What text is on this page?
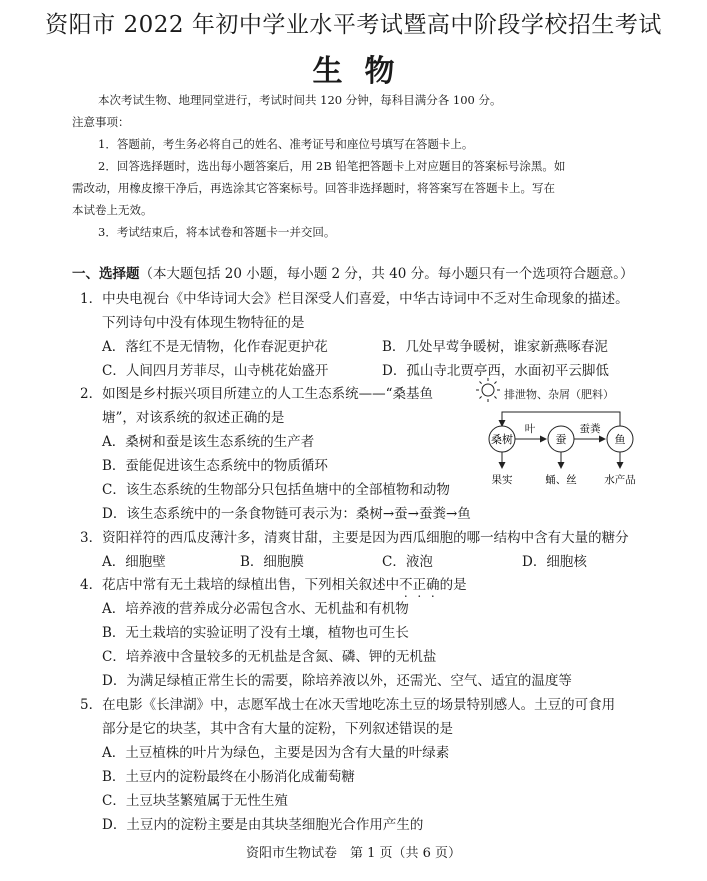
资阳市 2022 年初中学业水平考试暨高中阶段学校招生考试
生物
本次考试生物、地理同堂进行，考试时间共 120 分钟，每科目满分各 100 分。
注意事项：
1．答题前，考生务必将自己的姓名、准考证号和座位号填写在答题卡上。
2．回答选择题时，选出每小题答案后，用 2B 铅笔把答题卡上对应题目的答案标号涂黑。如
需改动，用橡皮擦干净后，再选涂其它答案标号。回答非选择题时，将答案写在答题卡上。写在
本试卷上无效。
3．考试结束后，将本试卷和答题卡一并交回。
一、选择题（本大题包括 20 小题，每小题 2 分，共 40 分。每小题只有一个选项符合题意。）
1．中央电视台《中华诗词大会》栏目深受人们喜爱，中华古诗词中不乏对生命现象的描述。
下列诗句中没有体现生物特征的是
A．落红不是无情物，化作春泥更护花	B．几处早莺争暖树，谁家新燕啄春泥
C．人间四月芳菲尽，山寺桃花始盛开	D．孤山寺北贾亭西，水面初平云脚低
2．如图是乡村振兴项目所建立的人工生态系统——“桑基鱼
塘”，对该系统的叙述正确的是
A．桑树和蚕是该生态系统的生产者
B．蚕能促进该生态系统中的物质循环
C．该生态系统的生物部分只包括鱼塘中的全部植物和动物
D．该生态系统中的一条食物链可表示为：桑树→蚕→蚕粪→鱼
排泄物、杂屑（肥料）
桑树	蚕	鱼
叶	蚕粪
果实	蛹、丝	水产品
3．资阳祥符的西瓜皮薄汁多，清爽甘甜，主要是因为西瓜细胞的哪一结构中含有大量的糖分
A．细胞壁	B．细胞膜	C．液泡	D．细胞核
4．花店中常有无土栽培的绿植出售，下列相关叙述中不正确的是
A．培养液的营养成分必需包含水、无机盐和有机物
B．无土栽培的实验证明了没有土壤，植物也可生长
C．培养液中含量较多的无机盐是含氮、磷、钾的无机盐
D．为满足绿植正常生长的需要，除培养液以外，还需光、空气、适宜的温度等
5．在电影《长津湖》中，志愿军战士在冰天雪地吃冻土豆的场景特别感人。土豆的可食用
部分是它的块茎，其中含有大量的淀粉，下列叙述错误的是
A．土豆植株的叶片为绿色，主要是因为含有大量的叶绿素
B．土豆内的淀粉最终在小肠消化成葡萄糖
C．土豆块茎繁殖属于无性生殖
D．土豆内的淀粉主要是由其块茎细胞光合作用产生的
资阳市生物试卷　第 1 页（共 6 页）
